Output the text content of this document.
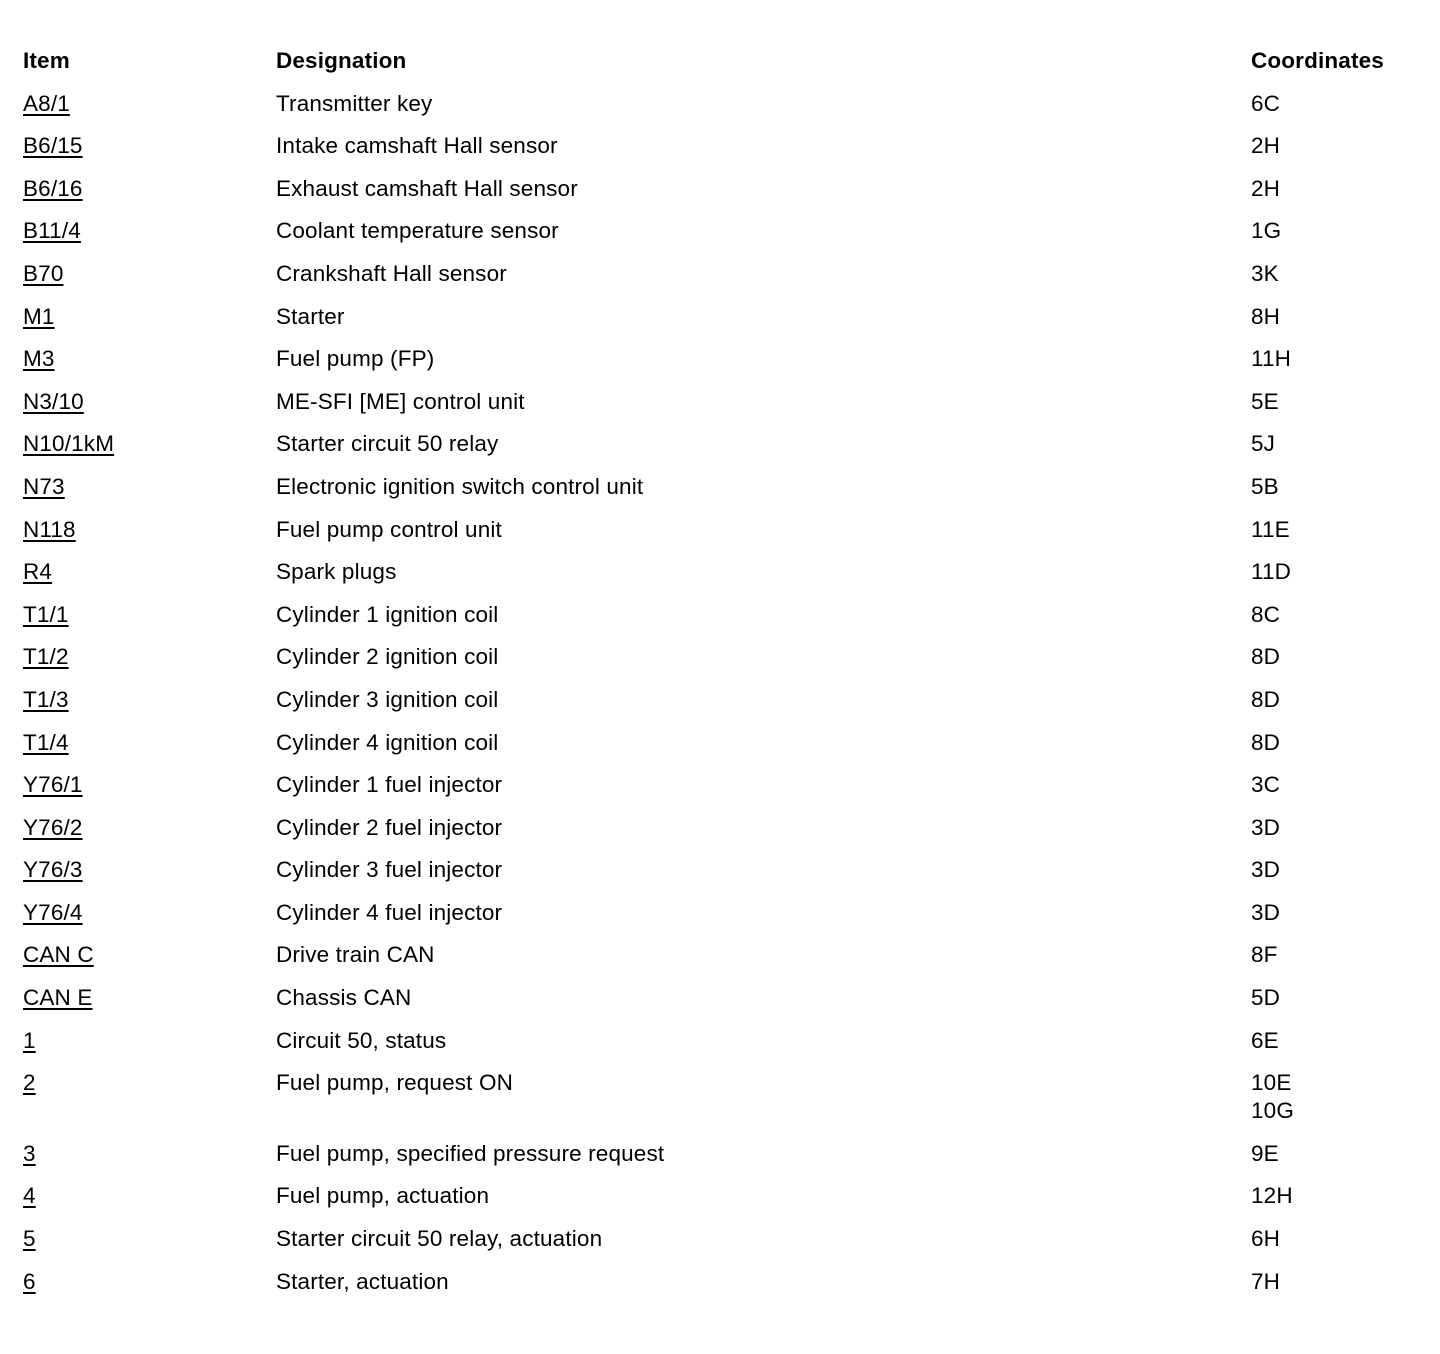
Item	Designation	Coordinates
A8/1	Transmitter key	6C
B6/15	Intake camshaft Hall sensor	2H
B6/16	Exhaust camshaft Hall sensor	2H
B11/4	Coolant temperature sensor	1G
B70	Crankshaft Hall sensor	3K
M1	Starter	8H
M3	Fuel pump (FP)	11H
N3/10	ME-SFI [ME] control unit	5E
N10/1kM	Starter circuit 50 relay	5J
N73	Electronic ignition switch control unit	5B
N118	Fuel pump control unit	11E
R4	Spark plugs	11D
T1/1	Cylinder 1 ignition coil	8C
T1/2	Cylinder 2 ignition coil	8D
T1/3	Cylinder 3 ignition coil	8D
T1/4	Cylinder 4 ignition coil	8D
Y76/1	Cylinder 1 fuel injector	3C
Y76/2	Cylinder 2 fuel injector	3D
Y76/3	Cylinder 3 fuel injector	3D
Y76/4	Cylinder 4 fuel injector	3D
CAN C	Drive train CAN	8F
CAN E	Chassis CAN	5D
1	Circuit 50, status	6E
2	Fuel pump, request ON	10E
10G
3	Fuel pump, specified pressure request	9E
4	Fuel pump, actuation	12H
5	Starter circuit 50 relay, actuation	6H
6	Starter, actuation	7H
